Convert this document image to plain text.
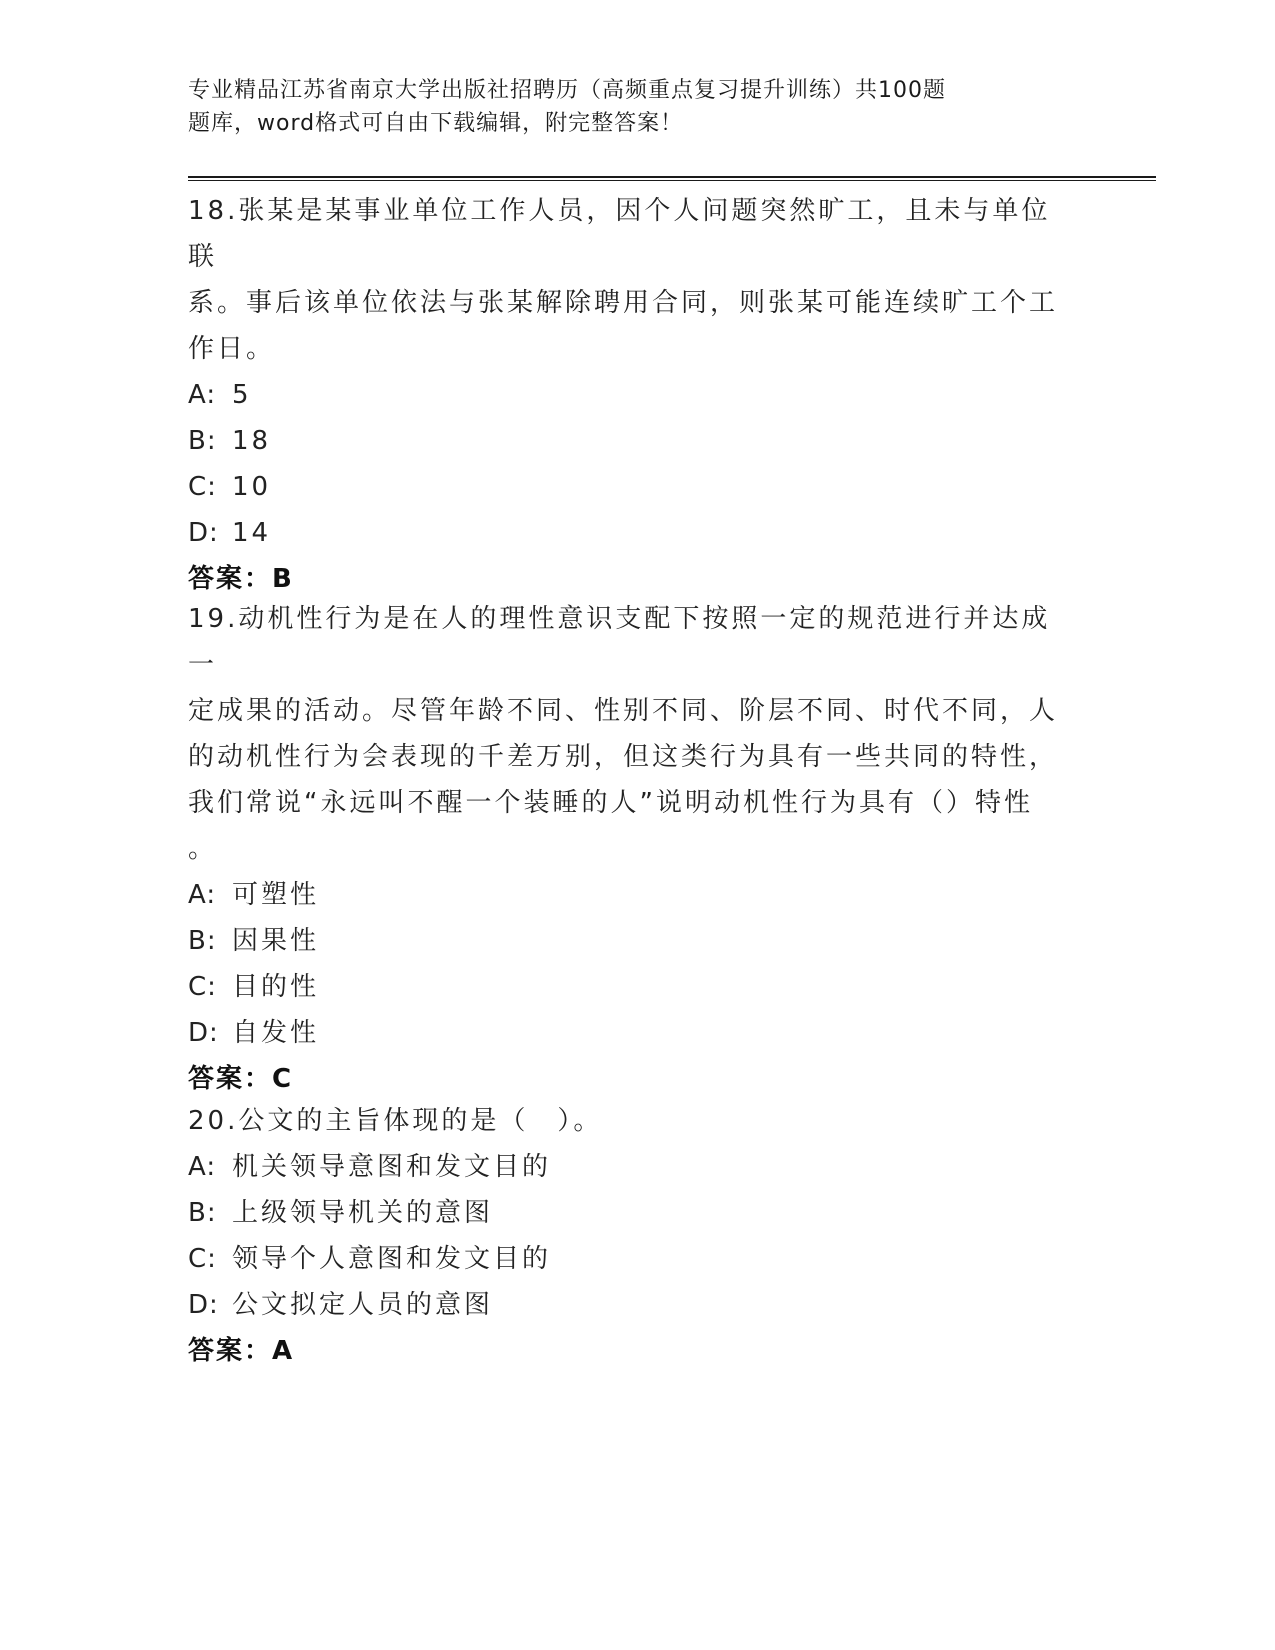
专业精品江苏省南京大学出版社招聘历（高频重点复习提升训练）共100题
题库，word格式可自由下载编辑，附完整答案！

18.张某是某事业单位工作人员，因个人问题突然旷工，且未与单位联

系。事后该单位依法与张某解除聘用合同，则张某可能连续旷工个工

作日。

A: 5

B: 18

C: 10

D: 14

答案：B

19.动机性行为是在人的理性意识支配下按照一定的规范进行并达成一

定成果的活动。尽管年龄不同、性别不同、阶层不同、时代不同，人

的动机性行为会表现的千差万别，但这类行为具有一些共同的特性，

我们常说“永远叫不醒一个装睡的人”说明动机性行为具有（）特性

。

A: 可塑性

B: 因果性

C: 目的性

D: 自发性

答案：C

20.公文的主旨体现的是（　）。

A: 机关领导意图和发文目的

B: 上级领导机关的意图

C: 领导个人意图和发文目的

D: 公文拟定人员的意图

答案：A
